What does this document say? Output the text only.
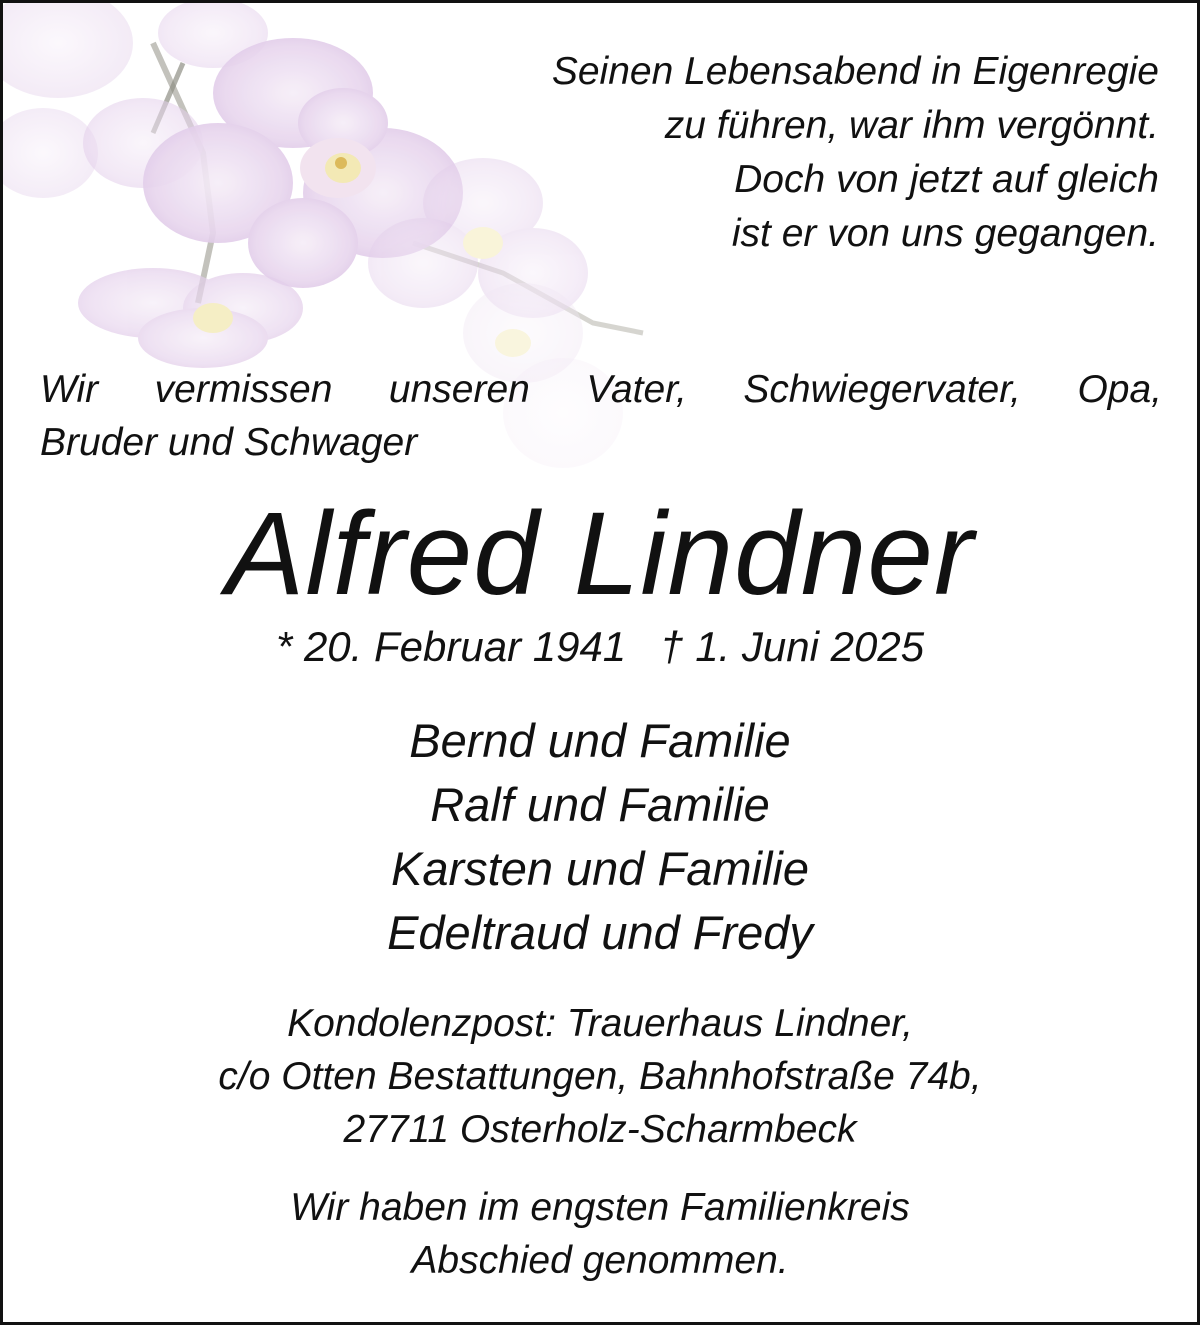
Seinen Lebensabend in Eigenregie
zu führen, war ihm vergönnt.
Doch von jetzt auf gleich
ist er von uns gegangen.
Wir vermissen unseren Vater, Schwiegervater, Opa,
Bruder und Schwager
Alfred Lindner
* 20. Februar 1941 † 1. Juni 2025
Bernd und Familie
Ralf und Familie
Karsten und Familie
Edeltraud und Fredy
Kondolenzpost: Trauerhaus Lindner,
c/o Otten Bestattungen, Bahnhofstraße 74b,
27711 Osterholz-Scharmbeck
Wir haben im engsten Familienkreis
Abschied genommen.
